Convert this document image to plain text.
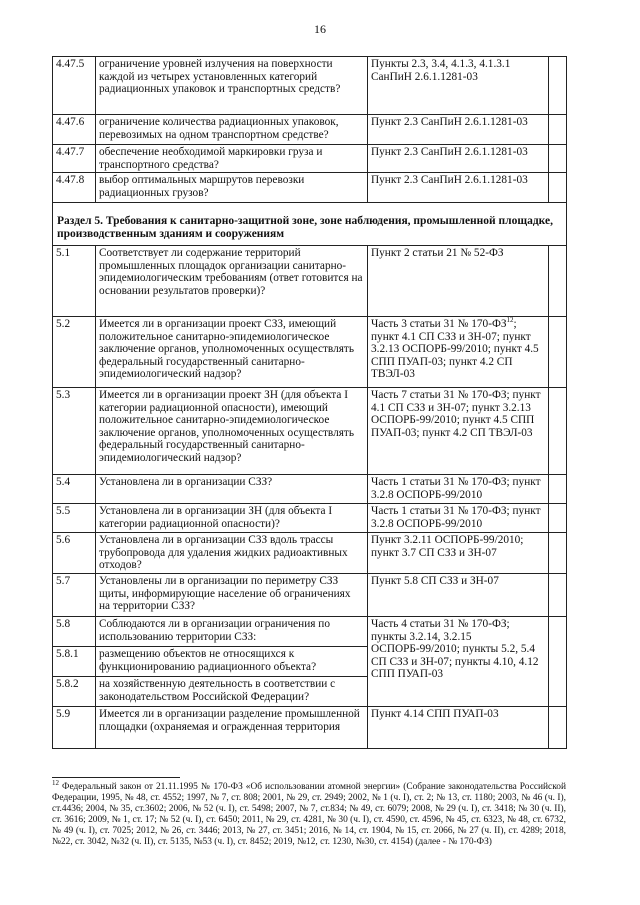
16
4.47.5	ограничение уровней излучения на поверхности каждой из четырех установленных категорий радиационных упаковок и транспортных средств?	Пункты 2.3, 3.4, 4.1.3, 4.1.3.1 СанПиН 2.6.1.1281-03	
4.47.6	ограничение количества радиационных упаковок, перевозимых на одном транспортном средстве?	Пункт 2.3 СанПиН 2.6.1.1281-03	
4.47.7	обеспечение необходимой маркировки груза и транспортного средства?	Пункт 2.3 СанПиН 2.6.1.1281-03	
4.47.8	выбор оптимальных маршрутов перевозки радиационных грузов?	Пункт 2.3 СанПиН 2.6.1.1281-03	
Раздел 5. Требования к санитарно-защитной зоне, зоне наблюдения, промышленной площадке, производственным зданиям и сооружениям			
5.1	Соответствует ли содержание территорий промышленных площадок организации санитарно-эпидемиологическим требованиям (ответ готовится на основании результатов проверки)?	Пункт 2 статьи 21 № 52-ФЗ	
5.2	Имеется ли в организации проект СЗЗ, имеющий положительное санитарно-эпидемиологическое заключение органов, уполномоченных осуществлять федеральный государственный санитарно-эпидемиологический надзор?	Часть 3 статьи 31 № 170-ФЗ$^{12}$; пункт 4.1 СП СЗЗ и ЗН-07; пункт 3.2.13 ОСПОРБ-99/2010; пункт 4.5 СПП ПУАП-03; пункт 4.2 СП ТВЭЛ-03	
5.3	Имеется ли в организации проект ЗН (для объекта I категории радиационной опасности), имеющий положительное санитарно-эпидемиологическое заключение органов, уполномоченных осуществлять федеральный государственный санитарно-эпидемиологический надзор?	Часть 7 статьи 31 № 170-ФЗ; пункт 4.1 СП СЗЗ и ЗН-07; пункт 3.2.13 ОСПОРБ-99/2010; пункт 4.5 СПП ПУАП-03; пункт 4.2 СП ТВЭЛ-03	
5.4	Установлена ли в организации СЗЗ?	Часть 1 статьи 31 № 170-ФЗ; пункт 3.2.8 ОСПОРБ-99/2010	
5.5	Установлена ли в организации ЗН (для объекта I категории радиационной опасности)?	Часть 1 статьи 31 № 170-ФЗ; пункт 3.2.8 ОСПОРБ-99/2010	
5.6	Установлена ли в организации СЗЗ вдоль трассы трубопровода для удаления жидких радиоактивных отходов?	Пункт 3.2.11 ОСПОРБ-99/2010; пункт 3.7 СП СЗЗ и ЗН-07	
5.7	Установлены ли в организации по периметру СЗЗ щиты, информирующие население об ограничениях на территории СЗЗ?	Пункт 5.8 СП СЗЗ и ЗН-07	
5.8	Соблюдаются ли в организации ограничения по использованию территории СЗЗ:	Часть 4 статьи 31 № 170-ФЗ; пункты 3.2.14, 3.2.15 ОСПОРБ-99/2010; пункты 5.2, 5.4 СП СЗЗ и ЗН-07; пункты 4.10, 4.12 СПП ПУАП-03	
5.8.1	размещению объектов не относящихся к функционированию радиационного объекта?		
5.8.2	на хозяйственную деятельность в соответствии с законодательством Российской Федерации?		
5.9	Имеется ли в организации разделение промышленной площадки (охраняемая и огражденная территория	Пункт 4.14 СПП ПУАП-03	
$^{12}$ Федеральный закон от 21.11.1995 № 170-ФЗ «Об использовании атомной энергии» (Собрание законодательства Российской Федерации, 1995, № 48, ст. 4552; 1997, № 7, ст. 808; 2001, № 29, ст. 2949; 2002, № 1 (ч. I), ст. 2; № 13, ст. 1180; 2003, № 46 (ч. I), ст.4436; 2004, № 35, ст.3602; 2006, № 52 (ч. I), ст. 5498; 2007, № 7, ст.834; № 49, ст. 6079; 2008, № 29 (ч. I), ст. 3418; № 30 (ч. II), ст. 3616; 2009, № 1, ст. 17; № 52 (ч. I), ст. 6450; 2011, № 29, ст. 4281, № 30 (ч. I), ст. 4590, ст. 4596, № 45, ст. 6323, № 48, ст. 6732, № 49 (ч. I), ст. 7025; 2012, № 26, ст. 3446; 2013, № 27, ст. 3451; 2016, № 14, ст. 1904, № 15, ст. 2066, № 27 (ч. II), ст. 4289; 2018, №22, ст. 3042, №32 (ч. II), ст. 5135, №53 (ч. I), ст. 8452; 2019, №12, ст. 1230, №30, ст. 4154) (далее - № 170-ФЗ)
